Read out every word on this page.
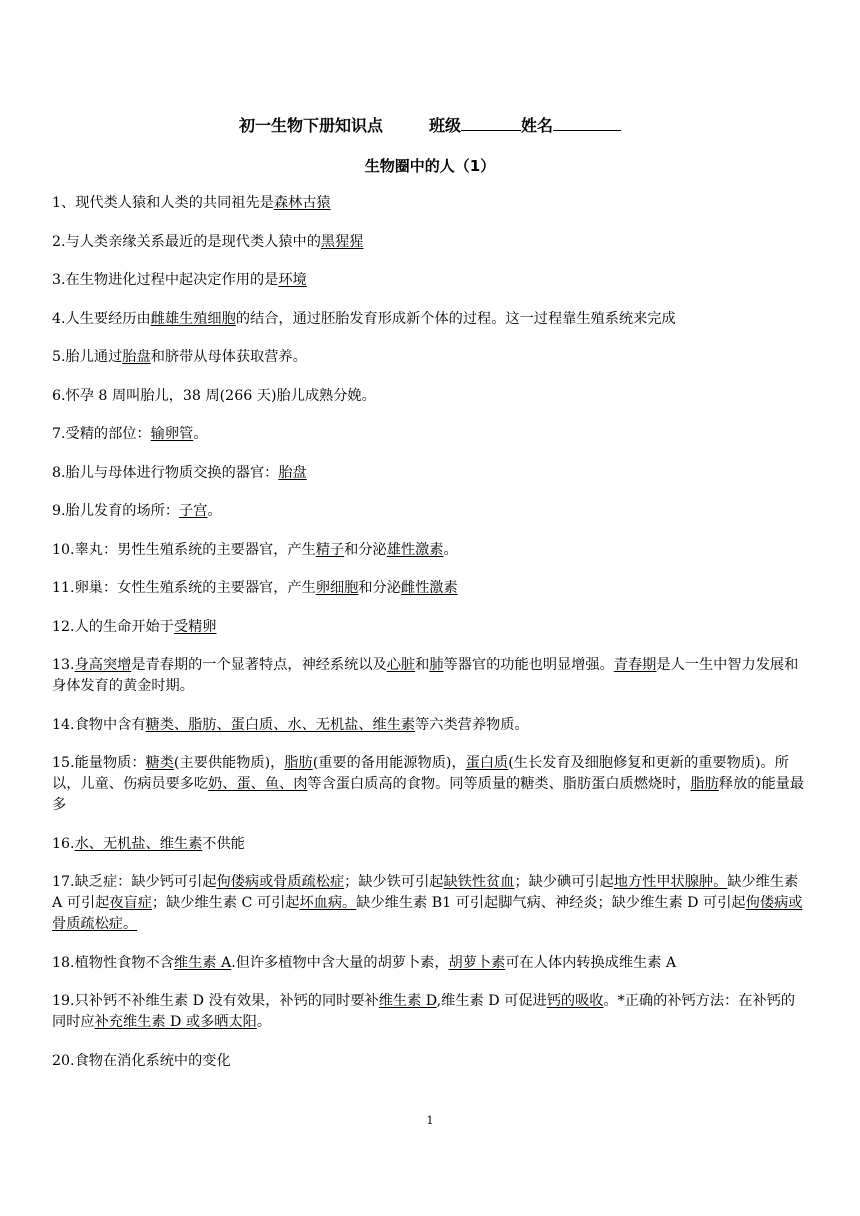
初一生物下册知识点	班级	姓名
生物圈中的人（1）

1、现代类人猿和人类的共同祖先是森林古猿

2.与人类亲缘关系最近的是现代类人猿中的黑猩猩

3.在生物进化过程中起决定作用的是环境

4.人生要经历由雌雄生殖细胞的结合，通过胚胎发育形成新个体的过程。这一过程靠生殖系统来完成

5.胎儿通过胎盘和脐带从母体获取营养。

6.怀孕 8 周叫胎儿，38 周(266 天)胎儿成熟分娩。

7.受精的部位：输卵管。

8.胎儿与母体进行物质交换的器官：胎盘

9.胎儿发育的场所：子宫。

10.睾丸：男性生殖系统的主要器官，产生精子和分泌雄性激素。

11.卵巢：女性生殖系统的主要器官，产生卵细胞和分泌雌性激素

12.人的生命开始于受精卵

13.身高突增是青春期的一个显著特点，神经系统以及心脏和肺等器官的功能也明显增强。青春期是人一生中智力发展和身体发育的黄金时期。

14.食物中含有糖类、脂肪、蛋白质、水、无机盐、维生素等六类营养物质。

15.能量物质：糖类(主要供能物质)，脂肪(重要的备用能源物质)，蛋白质(生长发育及细胞修复和更新的重要物质)。所以，儿童、伤病员要多吃奶、蛋、鱼、肉等含蛋白质高的食物。同等质量的糖类、脂肪蛋白质燃烧时，脂肪释放的能量最多

16.水、无机盐、维生素不供能

17.缺乏症：缺少钙可引起佝偻病或骨质疏松症；缺少铁可引起缺铁性贫血；缺少碘可引起地方性甲状腺肿。缺少维生素 A 可引起夜盲症；缺少维生素 C 可引起坏血病。缺少维生素 B1 可引起脚气病、神经炎；缺少维生素 D 可引起佝偻病或骨质疏松症。

18.植物性食物不含维生素 A.但许多植物中含大量的胡萝卜素，胡萝卜素可在人体内转换成维生素 A

19.只补钙不补维生素 D 没有效果，补钙的同时要补维生素 D,维生素 D 可促进钙的吸收。*正确的补钙方法：在补钙的同时应补充维生素 D 或多晒太阳。

20.食物在消化系统中的变化

1
